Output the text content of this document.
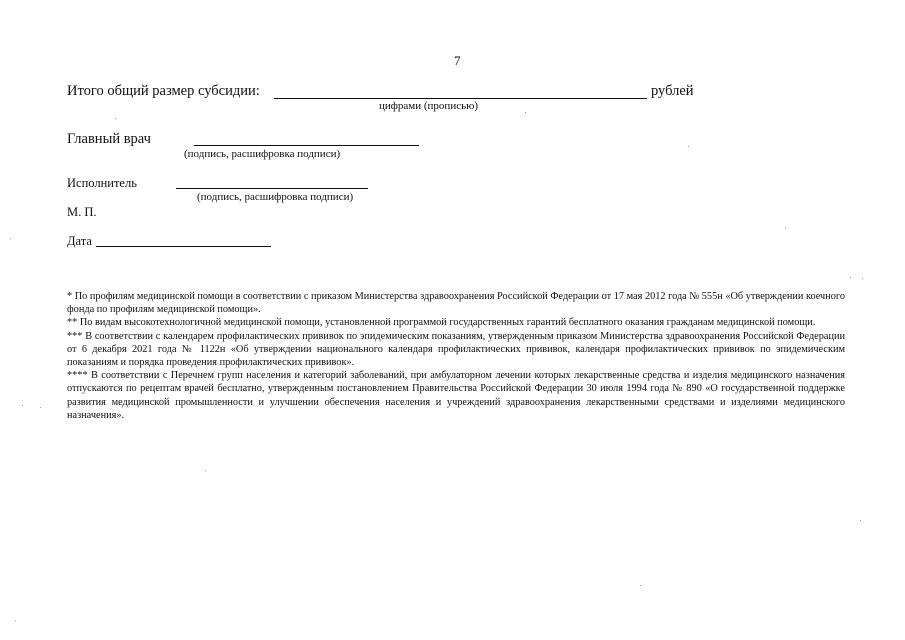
7
Итого общий размер субсидии:	рублей
цифрами (прописью)
Главный врач
(подпись, расшифровка подписи)
Исполнитель
(подпись, расшифровка подписи)
М. П.
Дата

* По профилям медицинской помощи в соответствии с приказом Министерства здравоохранения Российской Федерации от 17 мая 2012 года № 555н «Об утверждении коечного фонда по профилям медицинской помощи».

** По видам высокотехнологичной медицинской помощи, установленной программой государственных гарантий бесплатного оказания гражданам медицинской помощи.

*** В соответствии с календарем профилактических прививок по эпидемическим показаниям, утвержденным приказом Министерства здравоохранения Российской Федерации от 6 декабря 2021 года № 1122н «Об утверждении национального календаря профилактических прививок, календаря профилактических прививок по эпидемическим показаниям и порядка проведения профилактических прививок».

**** В соответствии с Перечнем групп населения и категорий заболеваний, при амбулаторном лечении которых лекарственные средства и изделия медицинского назначения отпускаются по рецептам врачей бесплатно, утвержденным постановлением Правительства Российской Федерации 30 июля 1994 года № 890 «О государственной поддержке развития медицинской промышленности и улучшении обеспечения населения и учреждений здравоохранения лекарственными средствами и изделиями медицинского назначения».
